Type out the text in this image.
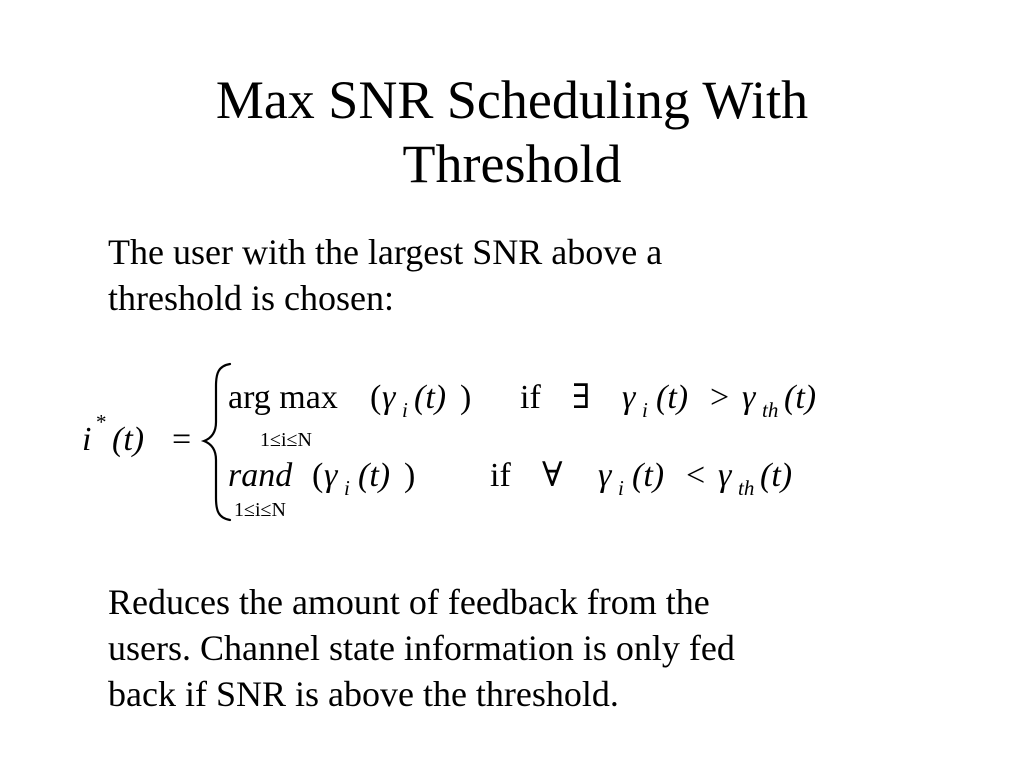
Max SNR Scheduling With
Threshold
The user with the largest SNR above a
threshold is chosen:
i * (t) =
arg max ( γ i (t) )
1≤i≤N
if ∃ γ i (t) > γ th (t)
rand ( γ i (t) )
1≤i≤N
if ∀ γ i (t) < γ th (t)
Reduces the amount of feedback from the
users. Channel state information is only fed
back if SNR is above the threshold.
